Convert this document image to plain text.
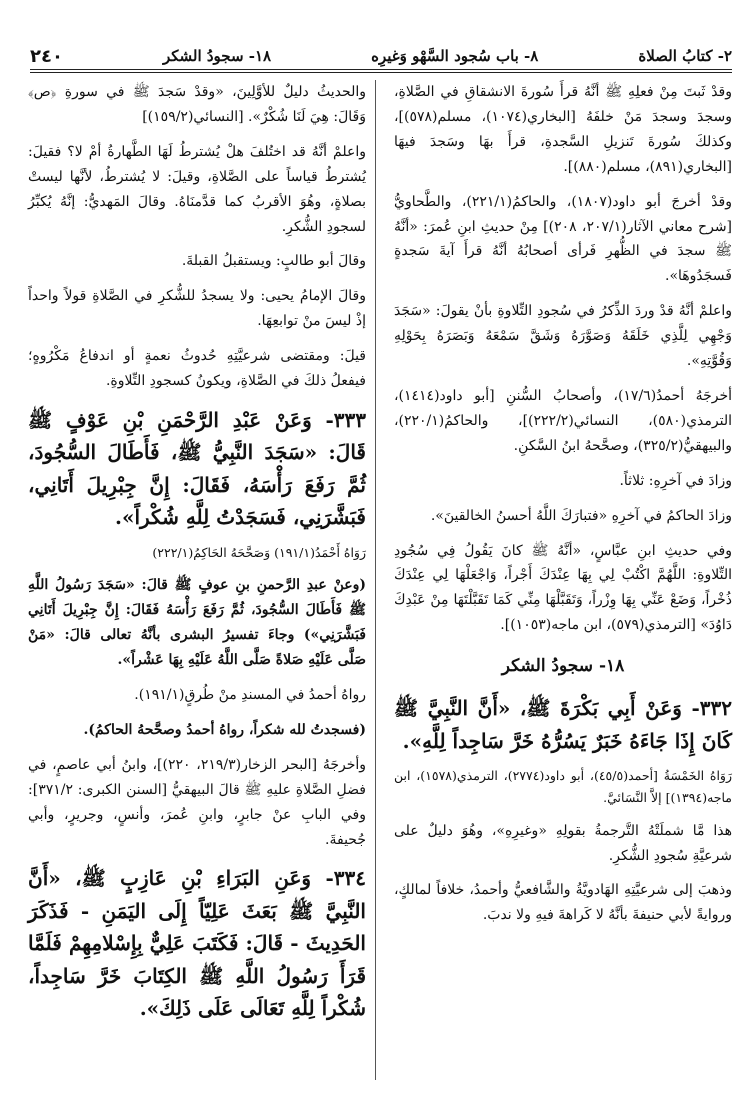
٢- كتابُ الصلاة
٨- باب سُجود السَّهْو وَغيرِه
١٨- سجودُ الشكر
٢٤٠

وقدْ ثَبتَ مِنْ فعلِهِ ﷺ أنَّهُ قرأَ سُورةَ الانشقاقِ في الصَّلاةِ، وسجدَ وسجدَ مَنْ خلفَهُ [البخاري(١٠٧٤)، مسلم(٥٧٨)]، وكذلكَ سُورةَ تَنزيلِ السَّجدةِ، قرأَ بهَا وسَجدَ فيهَا [البخاري(٨٩١)، مسلم(٨٨٠)].

وقدْ أخرجَ أبو داود(١٨٠٧)، والحاكمُ(٢٢١/١)، والطَّحاويُّ [شرح معاني الآثار(٢٠٧/١، ٢٠٨)] مِنْ حديثِ ابنِ عُمرَ: «أنَّهُ ﷺ سجدَ في الظُّهرِ فَرأى أصحابُهُ أنَّهُ قرأَ آيةَ سَجدةٍ فَسجَدُوهَا».

واعلمْ أنَّهُ قدْ وردَ الذِّكرُ في سُجودِ التِّلاوةِ بأنْ يقولَ: «سَجَدَ وَجْهِي لِلَّذِي خَلَقَهُ وَصَوَّرَهُ وَشَقَّ سَمْعَهُ وَبَصَرَهُ بِحَوْلِهِ وَقُوَّتِهِ».

أخرجَهُ أحمدُ(١٧/٦)، وأصحابُ السُّننِ [أبو داود(١٤١٤)، الترمذي(٥٨٠)، النسائي(٢٢٢/٢)]، والحاكمُ(٢٢٠/١)، والبيهقيُّ(٣٢٥/٢)، وصحَّحهُ ابنُ السَّكنِ.

وزادَ في آخرِهِ: ثلاثاً.

وزادَ الحاكمُ في آخرِهِ «فتبارَكَ اللَّهُ أحسنُ الخالقينَ».

وفي حديثِ ابنِ عبَّاسٍ، «أنَّهُ ﷺ كانَ يَقُولُ فِي سُجُودِ التِّلاوةِ: اللَّهُمَّ اكْتُبْ لِي بِهَا عِنْدَكَ أَجْراً، وَاجْعَلْهَا لِي عِنْدَكَ ذُخْراً، وَضَعْ عَنِّي بِهَا وِزْراً، وَتَقَبَّلْهَا مِنِّي كَمَا تَقَبَّلْتَهَا مِنْ عَبْدِكَ دَاوُدَ» [الترمذي(٥٧٩)، ابن ماجه(١٠٥٣)].

١٨- سجودُ الشكر

٣٣٢- وَعَنْ أَبِي بَكْرَةَ ﷺ، «أَنَّ النَّبِيَّ ﷺ كَانَ إِذَا جَاءَهُ خَبَرٌ يَسُرُّهُ خَرَّ سَاجِداً لِلَّهِ».

رَوَاهُ الخَمْسَةُ [أحمد(٤٥/٥)، أبو داود(٢٧٧٤)، الترمذي(١٥٧٨)، ابن ماجه(١٣٩٤)] إلاَّ النَّسَائيَّ.

هذا مَّا شملَتْهُ التَّرجمةُ بقولِهِ «وغيرِهِ»، وهُوَ دليلٌ على شرعيَّةِ سُجودِ الشُّكرِ.

وذهبَ إلى شرعيَّتِهِ الهَادويَّةُ والشَّافعيُّ وأحمدُ، خلافاً لمالكٍ، وروايةً لأبي حنيفةَ بأنَّهُ لا كَراهةَ فيهِ ولا ندبَ.

والحديثُ دليلٌ للأوَّلِينَ، «وقدْ سَجدَ ﷺ في سورةِ ﴿ص﴾ وَقَالَ: هِيَ لَنَا شُكْرٌ». [النسائي(١٥٩/٢)]

واعلمْ أنَّهُ قد اختُلفَ هلْ يُشترطُ لَهَا الطَّهارةُ أمْ لا؟ فقيلَ: يُشترطُ قياساً على الصَّلاةِ، وقيلَ: لا يُشترطُ، لأنَّها ليستْ بصلاةٍ، وهُوَ الأقربُ كما قدَّمنَاهُ. وقالَ المَهديُّ: إنَّهُ يُكبِّرُ لسجودِ الشُّكرِ.

وقالَ أبو طالبٍ: ويستقبلُ القبلةَ.

وقالَ الإمامُ يحيى: ولا يسجدُ للشُّكرِ في الصَّلاةِ قولاً واحداً إذْ ليسَ منْ توابعِهَا.

قيلَ: ومقتضى شرعيَّتِهِ حُدوثُ نعمةٍ أو اندفاعُ مَكْرُوهٍ؛ فيفعلُ ذلكَ في الصَّلاةِ، ويكونُ كسجودِ التِّلاوةِ.

٣٣٣- وَعَنْ عَبْدِ الرَّحْمَنِ بْنِ عَوْفٍ ﷺ قَالَ: «سَجَدَ النَّبِيُّ ﷺ، فَأَطَالَ السُّجُودَ، ثُمَّ رَفَعَ رَأْسَهُ، فَقَالَ: إِنَّ جِبْرِيلَ أَتَانِي، فَبَشَّرَنِي، فَسَجَدْتُ لِلَّهِ شُكْراً».

رَوَاهُ أَحْمَدُ(١٩١/١) وَصَحَّحَهُ الحَاكِمُ(٢٢٢/١)

(وعنْ عبدِ الرَّحمنِ بنِ عوفٍ ﷺ قالَ: «سَجَدَ رَسُولُ اللَّهِ ﷺ فَأَطَالَ السُّجُودَ، ثُمَّ رَفَعَ رَأْسَهُ فَقَالَ: إِنَّ جِبْرِيلَ أَتَانِي فَبَشَّرَنِي») وجاءَ تفسيرُ البشرى بأنَّهُ تعالى قالَ: «مَنْ صَلَّى عَلَيْهِ صَلاةً صَلَّى اللَّهُ عَلَيْهِ بِهَا عَشْراً».

رواهُ أحمدُ في المسندِ منْ طُرقٍ(١٩١/١).

(فسجدتُ لله شكراً، رواهُ أحمدُ وصحَّحهُ الحاكمُ).

وأخرجَهُ [البحر الزخار(٢١٩/٣، ٢٢٠)]، وابنُ أبي عاصمٍ، في فضلِ الصَّلاةِ عليهِ ﷺ قالَ البيهقيُّ [السنن الكبرى: ٣٧١/٢]: وفي البابِ عنْ جابرٍ، وابنِ عُمرَ، وأنسٍ، وجريرٍ، وأبي جُحيفةَ.

٣٣٤- وَعَنِ البَرَاءِ بْنِ عَازِبٍ ﷺ، «أَنَّ النَّبِيَّ ﷺ بَعَثَ عَلِيّاً إِلَى اليَمَنِ - فَذَكَرَ الحَدِيثَ - قَالَ: فَكَتَبَ عَلِيٌّ بِإِسْلامِهِمْ فَلَمَّا قَرَأَ رَسُولُ اللَّهِ ﷺ الكِتَابَ خَرَّ سَاجِداً، شُكْراً لِلَّهِ تَعَالَى عَلَى ذَلِكَ».
